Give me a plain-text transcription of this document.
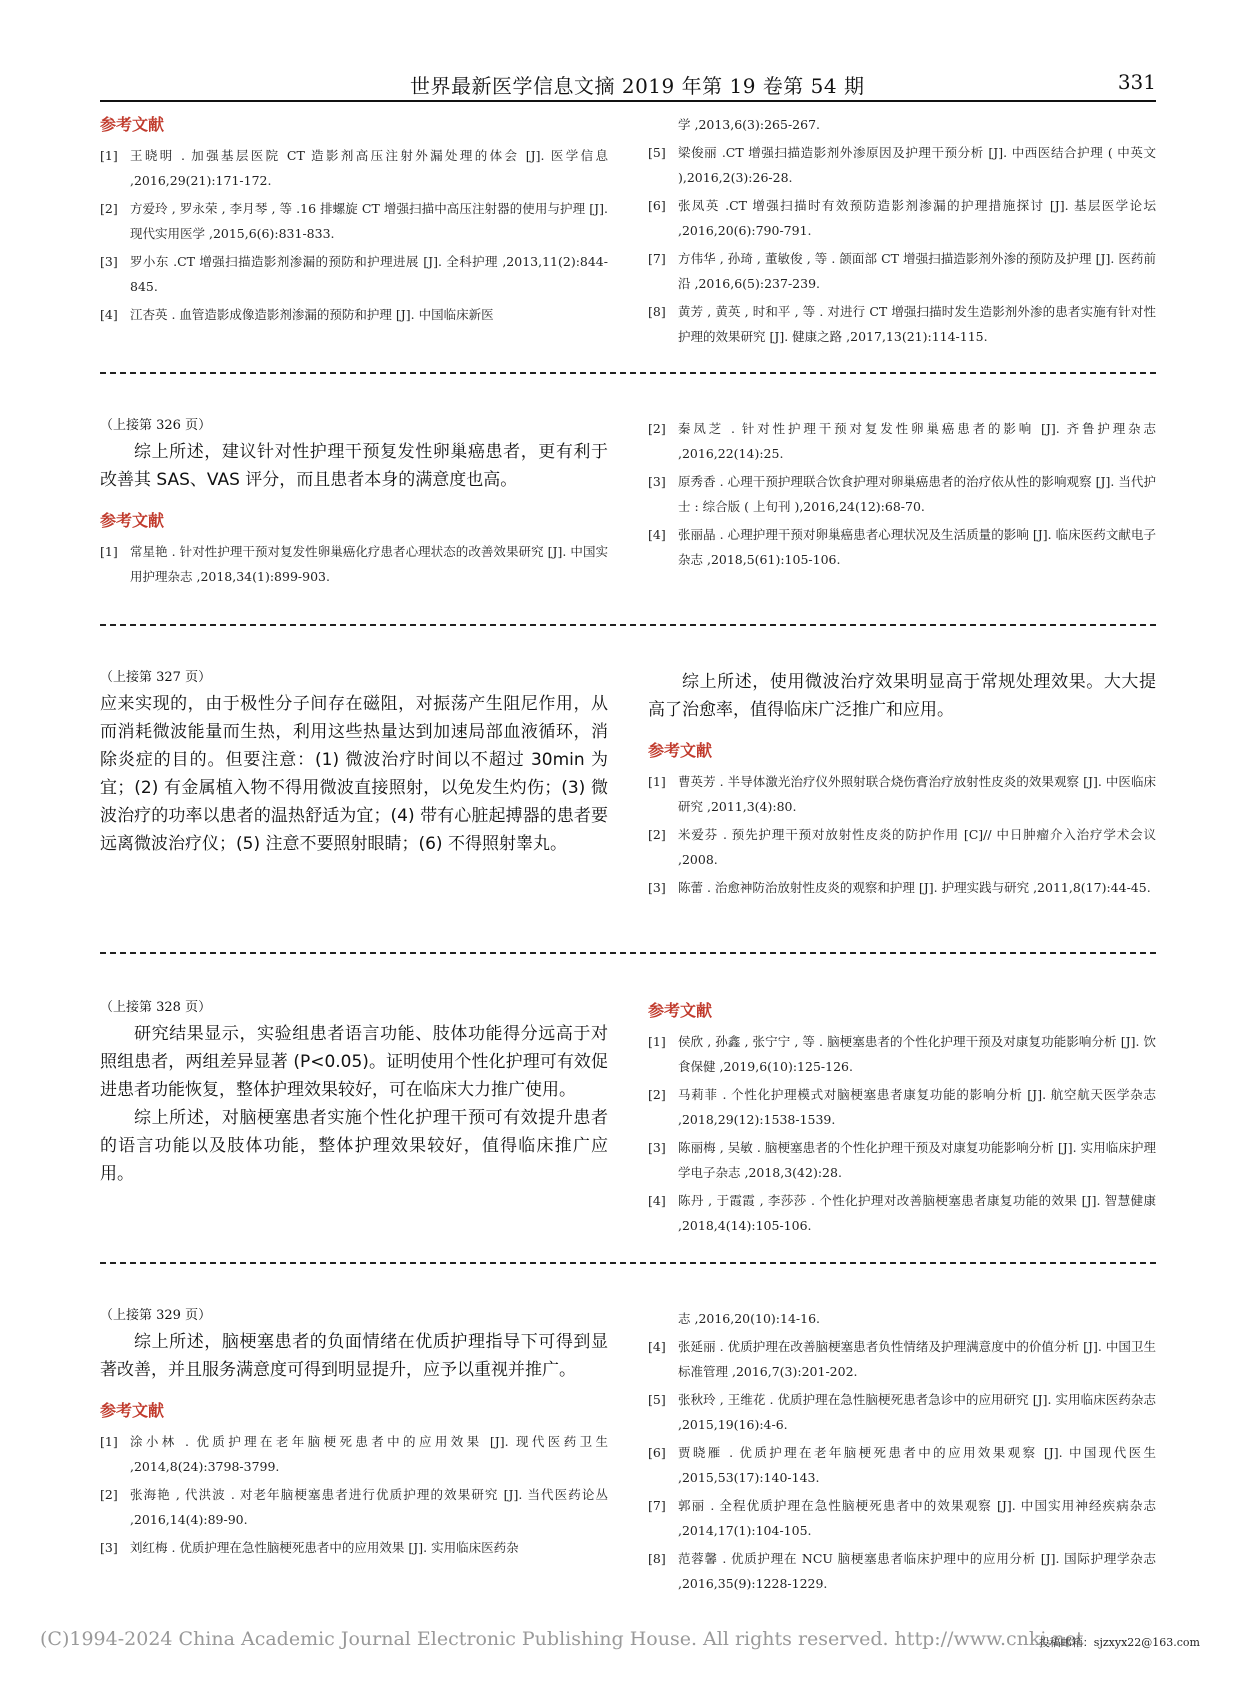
世界最新医学信息文摘 2019 年第 19 卷第 54 期	331
参考文献
[1] 王晓明 . 加强基层医院 CT 造影剂高压注射外漏处理的体会 [J]. 医学信息 ,2016,29(21):171-172.
[2] 方爱玲 , 罗永荣 , 李月琴 , 等 .16 排螺旋 CT 增强扫描中高压注射器的使用与护理 [J]. 现代实用医学 ,2015,6(6):831-833.
[3] 罗小东 .CT 增强扫描造影剂渗漏的预防和护理进展 [J]. 全科护理 ,2013,11(2):844-845.
[4] 江杏英 . 血管造影成像造影剂渗漏的预防和护理 [J]. 中国临床新医
学 ,2013,6(3):265-267.
[5] 梁俊丽 .CT 增强扫描造影剂外渗原因及护理干预分析 [J]. 中西医结合护理 ( 中英文 ),2016,2(3):26-28.
[6] 张凤英 .CT 增强扫描时有效预防造影剂渗漏的护理措施探讨 [J]. 基层医学论坛 ,2016,20(6):790-791.
[7] 方伟华 , 孙琦 , 董敏俊 , 等 . 颌面部 CT 增强扫描造影剂外渗的预防及护理 [J]. 医药前沿 ,2016,6(5):237-239.
[8] 黄芳 , 黄英 , 时和平 , 等 . 对进行 CT 增强扫描时发生造影剂外渗的患者实施有针对性护理的效果研究 [J]. 健康之路 ,2017,13(21):114-115.
（上接第 326 页）

综上所述，建议针对性护理干预复发性卵巢癌患者，更有利于改善其 SAS、VAS 评分，而且患者本身的满意度也高。

参考文献
[1] 常星艳 . 针对性护理干预对复发性卵巢癌化疗患者心理状态的改善效果研究 [J]. 中国实用护理杂志 ,2018,34(1):899-903.
[2] 秦凤芝 . 针对性护理干预对复发性卵巢癌患者的影响 [J]. 齐鲁护理杂志 ,2016,22(14):25.
[3] 原秀香 . 心理干预护理联合饮食护理对卵巢癌患者的治疗依从性的影响观察 [J]. 当代护士 : 综合版 ( 上旬刊 ),2016,24(12):68-70.
[4] 张丽晶 . 心理护理干预对卵巢癌患者心理状况及生活质量的影响 [J]. 临床医药文献电子杂志 ,2018,5(61):105-106.
（上接第 327 页）

应来实现的，由于极性分子间存在磁阻，对振荡产生阻尼作用，从而消耗微波能量而生热，利用这些热量达到加速局部血液循环，消除炎症的目的。但要注意：(1) 微波治疗时间以不超过 30min 为宜；(2) 有金属植入物不得用微波直接照射，以免发生灼伤；(3) 微波治疗的功率以患者的温热舒适为宜；(4) 带有心脏起搏器的患者要远离微波治疗仪；(5) 注意不要照射眼睛；(6) 不得照射睾丸。

综上所述，使用微波治疗效果明显高于常规处理效果。大大提高了治愈率，值得临床广泛推广和应用。

参考文献
[1] 曹英芳 . 半导体激光治疗仪外照射联合烧伤膏治疗放射性皮炎的效果观察 [J]. 中医临床研究 ,2011,3(4):80.
[2] 米爱芬 . 预先护理干预对放射性皮炎的防护作用 [C]// 中日肿瘤介入治疗学术会议 ,2008.
[3] 陈蕾 . 治愈神防治放射性皮炎的观察和护理 [J]. 护理实践与研究 ,2011,8(17):44-45.
（上接第 328 页）

研究结果显示，实验组患者语言功能、肢体功能得分远高于对照组患者，两组差异显著 (P<0.05)。证明使用个性化护理可有效促进患者功能恢复，整体护理效果较好，可在临床大力推广使用。

综上所述，对脑梗塞患者实施个性化护理干预可有效提升患者的语言功能以及肢体功能，整体护理效果较好，值得临床推广应用。

参考文献
[1] 侯欣 , 孙鑫 , 张宁宁 , 等 . 脑梗塞患者的个性化护理干预及对康复功能影响分析 [J]. 饮食保健 ,2019,6(10):125-126.
[2] 马莉菲 . 个性化护理模式对脑梗塞患者康复功能的影响分析 [J]. 航空航天医学杂志 ,2018,29(12):1538-1539.
[3] 陈丽梅 , 吴敏 . 脑梗塞患者的个性化护理干预及对康复功能影响分析 [J]. 实用临床护理学电子杂志 ,2018,3(42):28.
[4] 陈丹 , 于霞霞 , 李莎莎 . 个性化护理对改善脑梗塞患者康复功能的效果 [J]. 智慧健康 ,2018,4(14):105-106.
（上接第 329 页）

综上所述，脑梗塞患者的负面情绪在优质护理指导下可得到显著改善，并且服务满意度可得到明显提升，应予以重视并推广。

参考文献
[1] 涂小林 . 优质护理在老年脑梗死患者中的应用效果 [J]. 现代医药卫生 ,2014,8(24):3798-3799.
[2] 张海艳 , 代洪波 . 对老年脑梗塞患者进行优质护理的效果研究 [J]. 当代医药论丛 ,2016,14(4):89-90.
[3] 刘红梅 . 优质护理在急性脑梗死患者中的应用效果 [J]. 实用临床医药杂
志 ,2016,20(10):14-16.
[4] 张延丽 . 优质护理在改善脑梗塞患者负性情绪及护理满意度中的价值分析 [J]. 中国卫生标准管理 ,2016,7(3):201-202.
[5] 张秋玲 , 王维花 . 优质护理在急性脑梗死患者急诊中的应用研究 [J]. 实用临床医药杂志 ,2015,19(16):4-6.
[6] 贾晓雁 . 优质护理在老年脑梗死患者中的应用效果观察 [J]. 中国现代医生 ,2015,53(17):140-143.
[7] 郭丽 . 全程优质护理在急性脑梗死患者中的效果观察 [J]. 中国实用神经疾病杂志 ,2014,17(1):104-105.
[8] 范蓉馨 . 优质护理在 NCU 脑梗塞患者临床护理中的应用分析 [J]. 国际护理学杂志 ,2016,35(9):1228-1229.
(C)1994-2024 China Academic Journal Electronic Publishing House. All rights reserved. http://www.cnki.net
投稿邮箱：sjzxyx22@163.com
